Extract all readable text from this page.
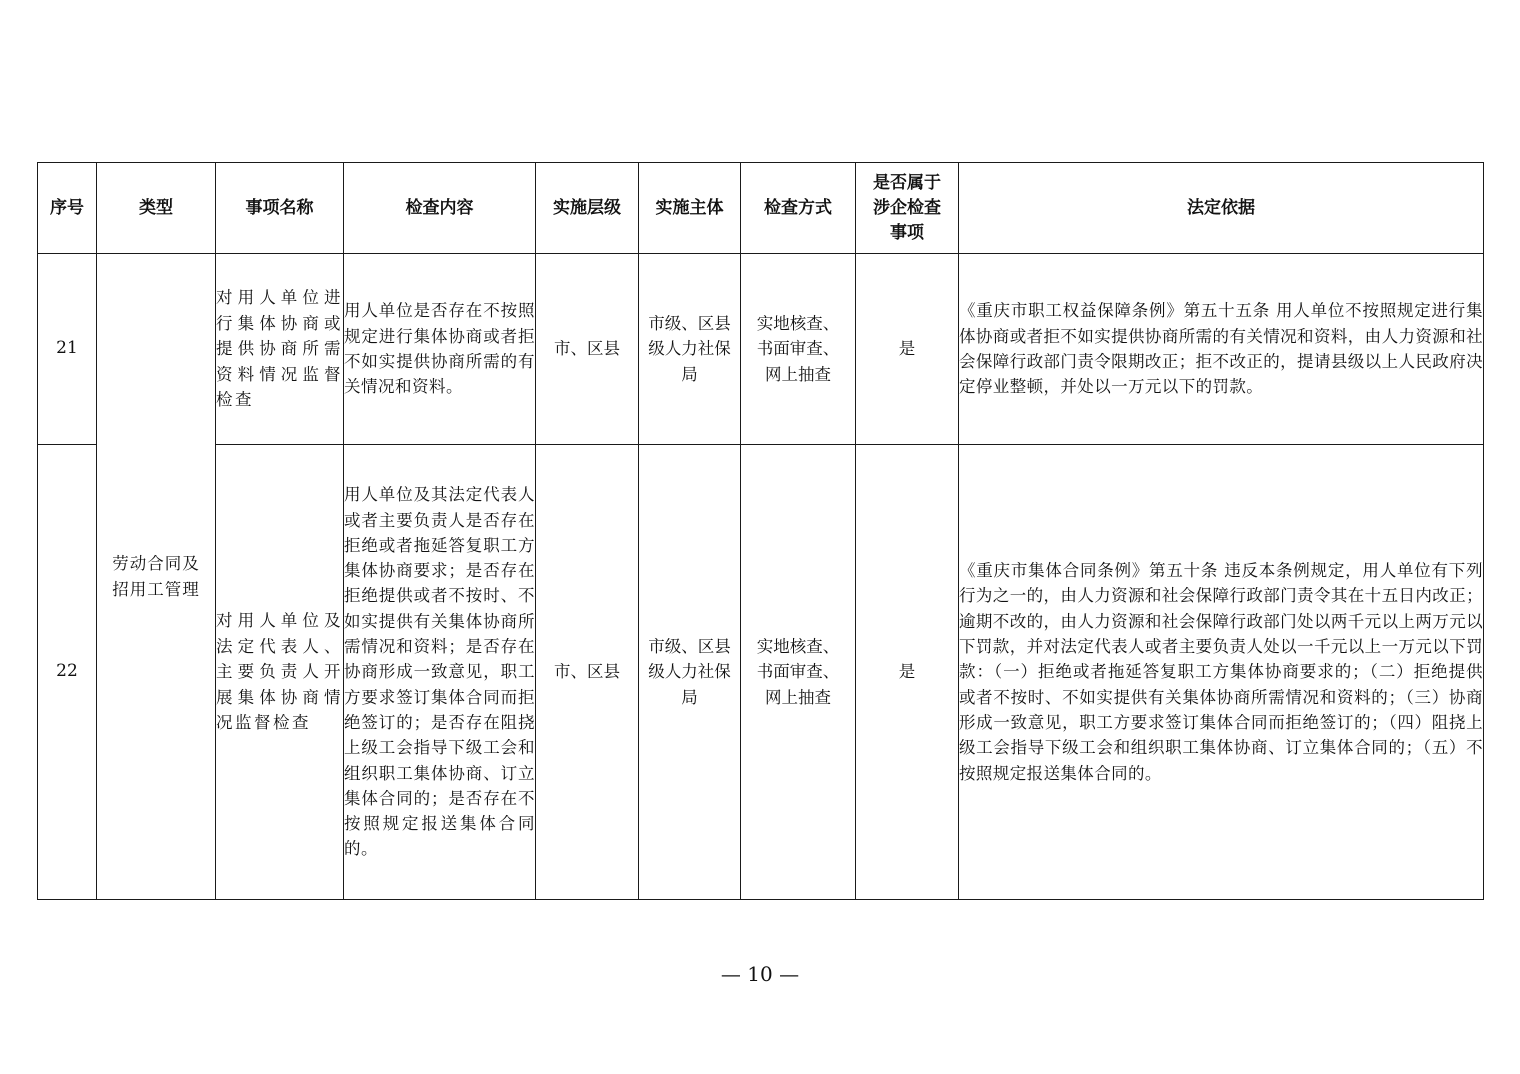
序号	类型	事项名称	检查内容	实施层级	实施主体	检查方式	是否属于涉企检查事项	法定依据
21	劳动合同及招用工管理	对用人单位进行集体协商或提供协商所需资料情况监督检查	用人单位是否存在不按照规定进行集体协商或者拒不如实提供协商所需的有关情况和资料。	市、区县	市级、区县级人力社保局	实地核查、书面审查、网上抽查	是	《重庆市职工权益保障条例》第五十五条 用人单位不按照规定进行集体协商或者拒不如实提供协商所需的有关情况和资料，由人力资源和社会保障行政部门责令限期改正；拒不改正的，提请县级以上人民政府决定停业整顿，并处以一万元以下的罚款。
22		对用人单位及法定代表人、主要负责人开展集体协商情况监督检查	用人单位及其法定代表人或者主要负责人是否存在拒绝或者拖延答复职工方集体协商要求；是否存在拒绝提供或者不按时、不如实提供有关集体协商所需情况和资料；是否存在协商形成一致意见，职工方要求签订集体合同而拒绝签订的；是否存在阻挠上级工会指导下级工会和组织职工集体协商、订立集体合同的；是否存在不按照规定报送集体合同的。	市、区县	市级、区县级人力社保局	实地核查、书面审查、网上抽查	是	《重庆市集体合同条例》第五十条 违反本条例规定，用人单位有下列行为之一的，由人力资源和社会保障行政部门责令其在十五日内改正；逾期不改的，由人力资源和社会保障行政部门处以两千元以上两万元以下罚款，并对法定代表人或者主要负责人处以一千元以上一万元以下罚款：（一）拒绝或者拖延答复职工方集体协商要求的；（二）拒绝提供或者不按时、不如实提供有关集体协商所需情况和资料的；（三）协商形成一致意见，职工方要求签订集体合同而拒绝签订的；（四）阻挠上级工会指导下级工会和组织职工集体协商、订立集体合同的；（五）不按照规定报送集体合同的。
— 10 —
